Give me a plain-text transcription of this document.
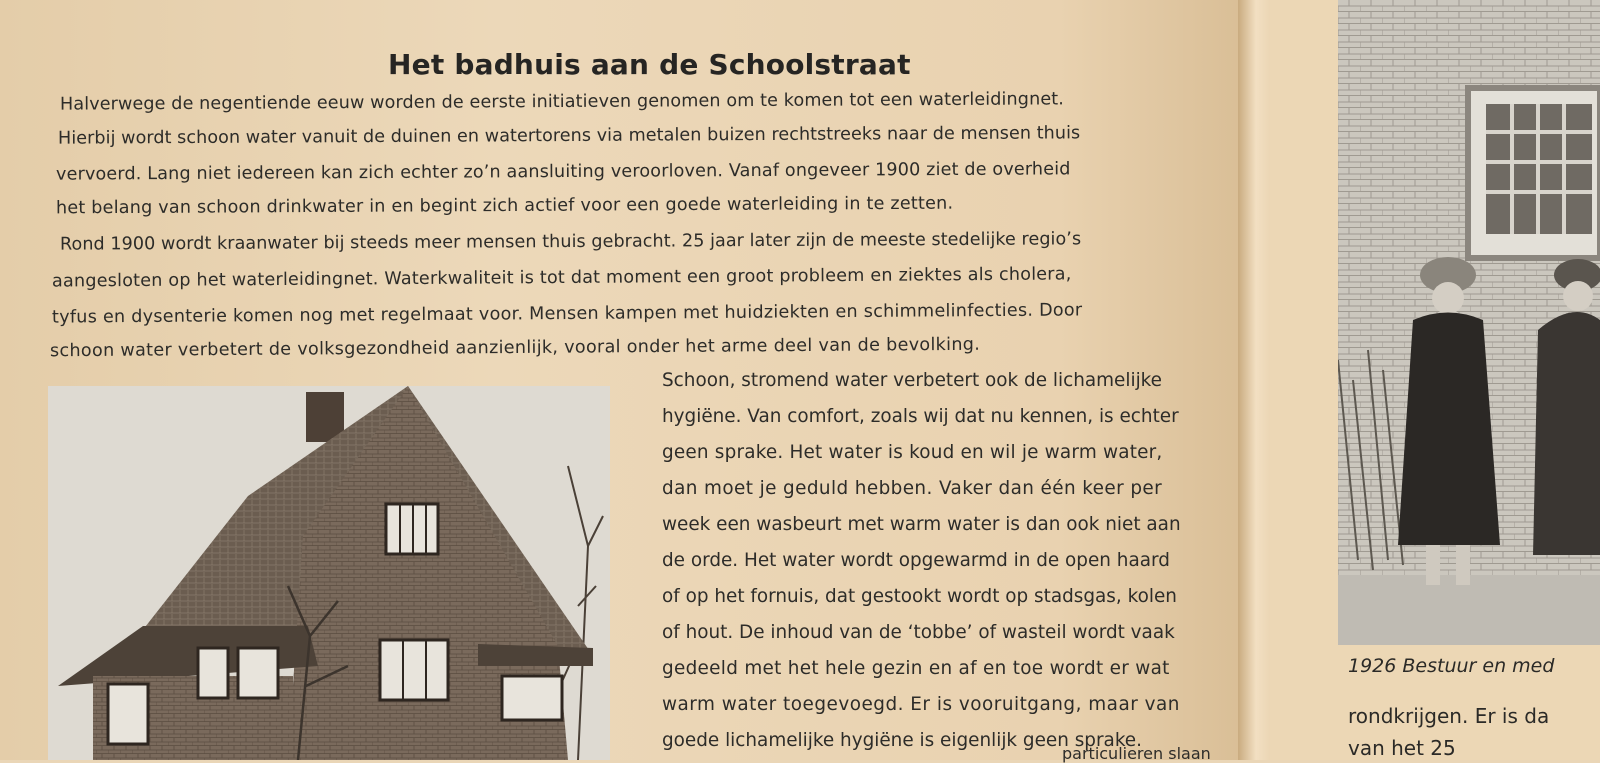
Het badhuis aan de Schoolstraat
Halverwege de negentiende eeuw worden de eerste initiatieven genomen om te komen tot een waterleidingnet.
Hierbij wordt schoon water vanuit de duinen en watertorens via metalen buizen rechtstreeks naar de mensen thuis
vervoerd. Lang niet iedereen kan zich echter zo’n aansluiting veroorloven. Vanaf ongeveer 1900 ziet de overheid
het belang van schoon drinkwater in en begint zich actief voor een goede waterleiding in te zetten.
Rond 1900 wordt kraanwater bij steeds meer mensen thuis gebracht. 25 jaar later zijn de meeste stedelijke regio’s
aangesloten op het waterleidingnet. Waterkwaliteit is tot dat moment een groot probleem en ziektes als cholera,
tyfus en dysenterie komen nog met regelmaat voor. Mensen kampen met huidziekten en schimmelinfecties. Door
schoon water verbetert de volksgezondheid aanzienlijk, vooral onder het arme deel van de bevolking.
Schoon, stromend water verbetert ook de lichamelijke
hygiëne. Van comfort, zoals wij dat nu kennen, is echter
geen sprake. Het water is koud en wil je warm water,
dan moet je geduld hebben. Vaker dan één keer per
week een wasbeurt met warm water is dan ook niet aan
de orde. Het water wordt opgewarmd in de open haard
of op het fornuis, dat gestookt wordt op stadsgas, kolen
of hout. De inhoud van de ‘tobbe’ of wasteil wordt vaak
gedeeld met het hele gezin en af en toe wordt er wat
warm water toegevoegd. Er is vooruitgang, maar van
goede lichamelijke hygiëne is eigenlijk geen sprake.
particulieren slaan
1926 Bestuur en med
rondkrijgen. Er is da
van het 25
